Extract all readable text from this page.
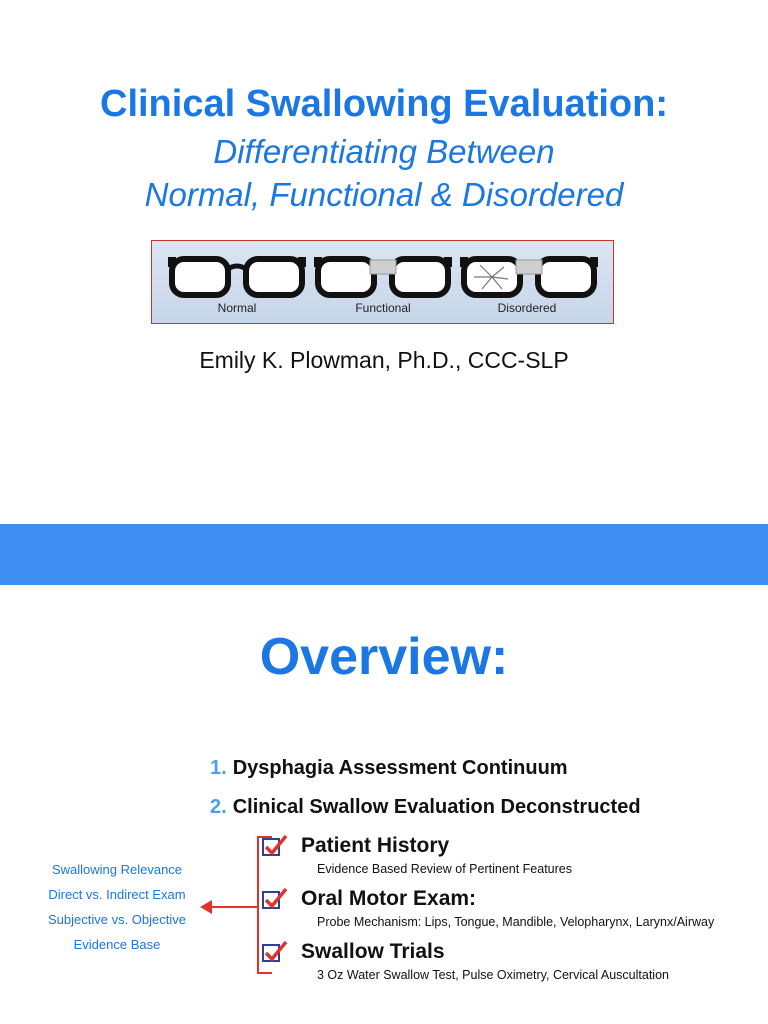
Clinical Swallowing Evaluation:
Differentiating Between
Normal, Functional & Disordered
Normal	Functional	Disordered
Emily K. Plowman, Ph.D., CCC-SLP
Overview:
1. Dysphagia Assessment Continuum
2. Clinical Swallow Evaluation Deconstructed
Patient History
Evidence Based Review of Pertinent Features
Oral Motor Exam:
Probe Mechanism: Lips, Tongue, Mandible, Velopharynx, Larynx/Airway
Swallow Trials
3 Oz Water Swallow Test, Pulse Oximetry, Cervical Auscultation
Swallowing Relevance
Direct vs. Indirect Exam
Subjective vs. Objective
Evidence Base
